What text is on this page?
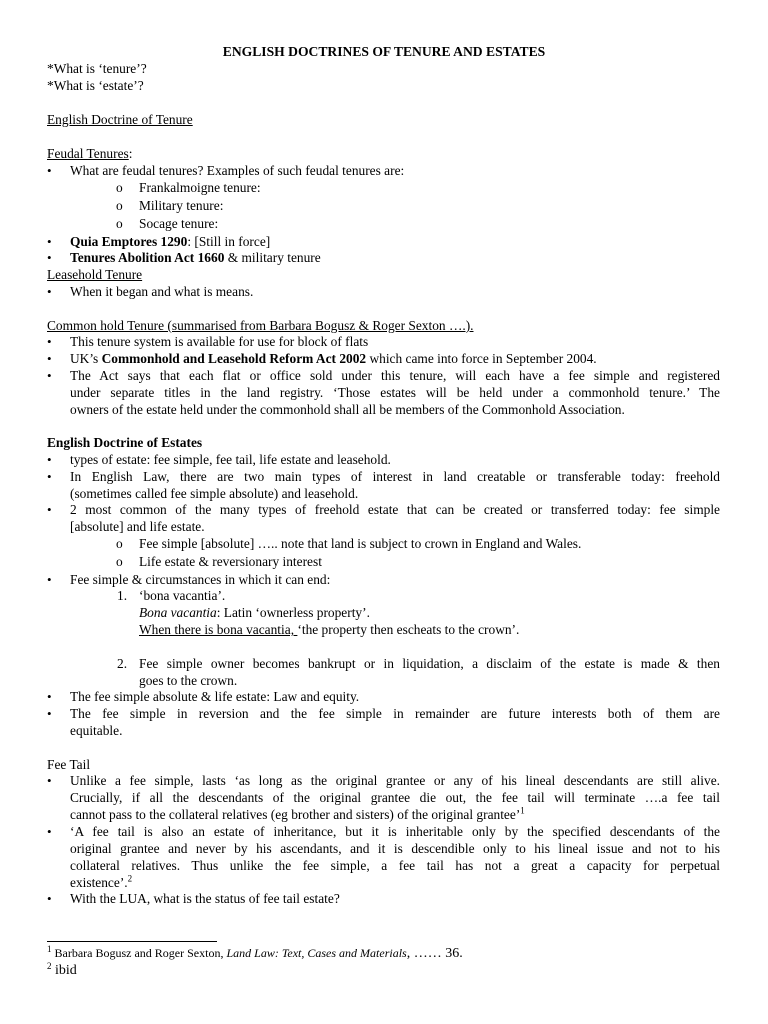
ENGLISH DOCTRINES OF TENURE AND ESTATES
*What is ‘tenure’?
*What is ‘estate’?
English Doctrine of Tenure
Feudal Tenures:
• What are feudal tenures? Examples of such feudal tenures are:
o Frankalmoigne tenure:
o Military tenure:
o Socage tenure:
• Quia Emptores 1290: [Still in force]
• Tenures Abolition Act 1660 & military tenure
Leasehold Tenure
• When it began and what is means.
Common hold Tenure (summarised from Barbara Bogusz & Roger Sexton ….).
• This tenure system is available for use for block of flats
• UK’s Commonhold and Leasehold Reform Act 2002 which came into force in September 2004.
• The Act says that each flat or office sold under this tenure, will each have a fee simple and registered
under separate titles in the land registry. ‘Those estates will be held under a commonhold tenure.’ The
owners of the estate held under the commonhold shall all be members of the Commonhold Association.
English Doctrine of Estates
• types of estate: fee simple, fee tail, life estate and leasehold.
• In English Law, there are two main types of interest in land creatable or transferable today: freehold
(sometimes called fee simple absolute) and leasehold.
• 2 most common of the many types of freehold estate that can be created or transferred today: fee simple
[absolute] and life estate.
o Fee simple [absolute] ….. note that land is subject to crown in England and Wales.
o Life estate & reversionary interest
• Fee simple & circumstances in which it can end:
1. ‘bona vacantia’.
Bona vacantia: Latin ‘ownerless property’.
When there is bona vacantia, ‘the property then escheats to the crown’.
2. Fee simple owner becomes bankrupt or in liquidation, a disclaim of the estate is made & then
goes to the crown.
• The fee simple absolute & life estate: Law and equity.
• The fee simple in reversion and the fee simple in remainder are future interests both of them are
equitable.
Fee Tail
• Unlike a fee simple, lasts ‘as long as the original grantee or any of his lineal descendants are still alive.
Crucially, if all the descendants of the original grantee die out, the fee tail will terminate ….a fee tail
cannot pass to the collateral relatives (eg brother and sisters) of the original grantee’$^1$
• ‘A fee tail is also an estate of inheritance, but it is inheritable only by the specified descendants of the
original grantee and never by his ascendants, and it is descendible only to his lineal issue and not to his
collateral relatives. Thus unlike the fee simple, a fee tail has not a great a capacity for perpetual
existence’.$^2$
• With the LUA, what is the status of fee tail estate?
$^1$ Barbara Bogusz and Roger Sexton, Land Law: Text, Cases and Materials, …… 36.
$^2$ ibid
